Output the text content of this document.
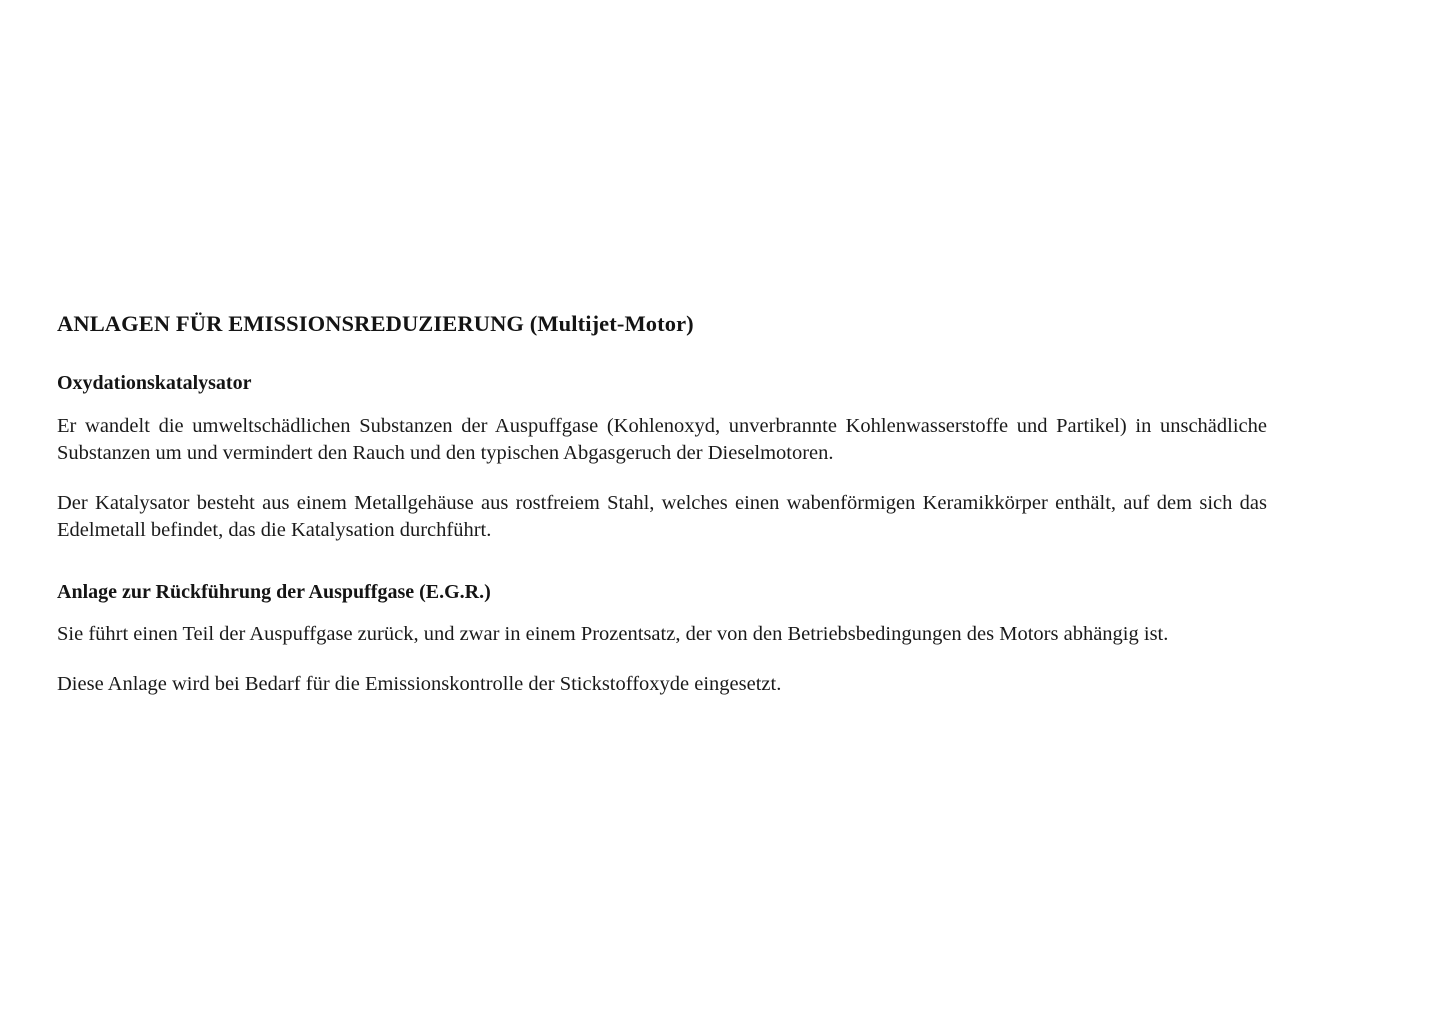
ANLAGEN FÜR EMISSIONSREDUZIERUNG (Multijet-Motor)
Oxydationskatalysator

Er wandelt die umweltschädlichen Substanzen der Auspuffgase (Kohlenoxyd, unverbrannte Kohlenwasserstoffe und Partikel) in unschädliche Substanzen um und vermindert den Rauch und den typischen Abgasgeruch der Dieselmotoren.

Der Katalysator besteht aus einem Metallgehäuse aus rostfreiem Stahl, welches einen wabenförmigen Keramikkörper enthält, auf dem sich das Edelmetall befindet, das die Katalysation durchführt.

Anlage zur Rückführung der Auspuffgase (E.G.R.)

Sie führt einen Teil der Auspuffgase zurück, und zwar in einem Prozentsatz, der von den Betriebsbedingungen des Motors abhängig ist.

Diese Anlage wird bei Bedarf für die Emissionskontrolle der Stickstoffoxyde eingesetzt.
